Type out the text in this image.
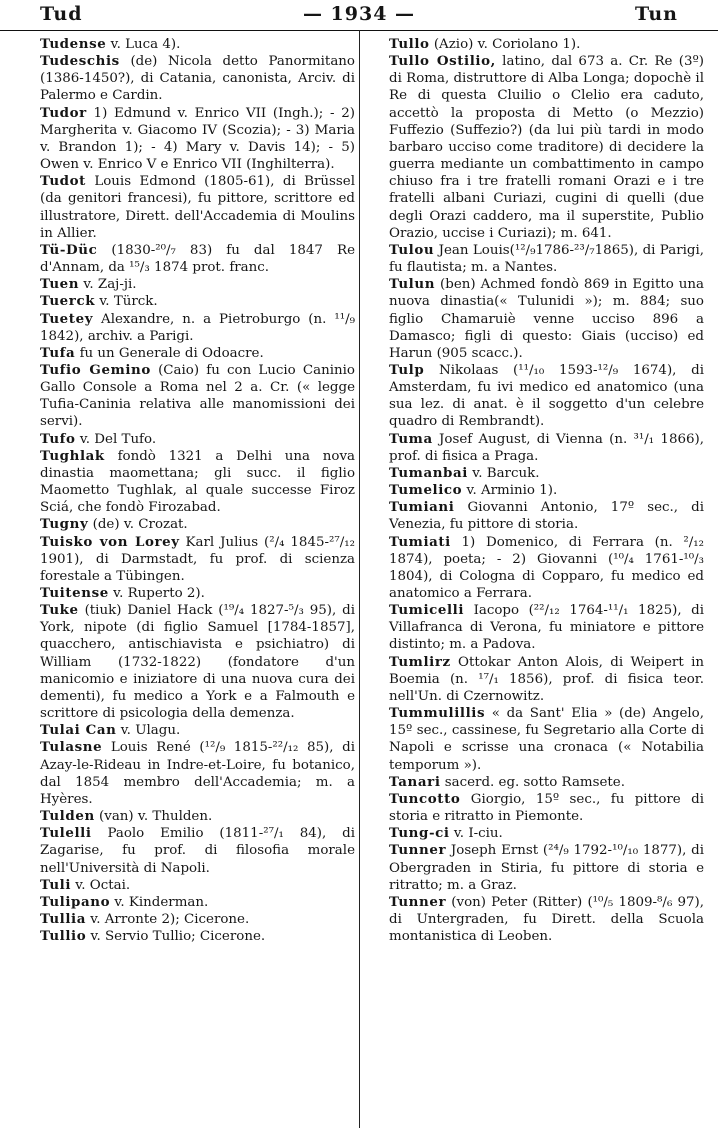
Tud	— 1934 —	Tun
Tudense v. Luca 4).
Tudeschis (de) Nicola detto Panormitano (1386-1450?), di Catania, canonista, Arciv. di Palermo e Cardin.
Tudor 1) Edmund v. Enrico VII (Ingh.); - 2) Margherita v. Giacomo IV (Scozia); - 3) Maria v. Brandon 1); - 4) Mary v. Davis 14); - 5) Owen v. Enrico V e Enrico VII (Inghilterra).
Tudot Louis Edmond (1805-61), di Brüssel (da genitori francesi), fu pittore, scrittore ed illustratore, Dirett. dell'Accademia di Moulins in Allier.
Tü-Düc (1830-²⁰/₇ 83) fu dal 1847 Re d'Annam, da ¹⁵/₃ 1874 prot. franc.
Tuen v. Zaj-ji.
Tuerck v. Türck.
Tuetey Alexandre, n. a Pietroburgo (n. ¹¹/₉ 1842), archiv. a Parigi.
Tufa fu un Generale di Odoacre.
Tufio Gemino (Caio) fu con Lucio Caninio Gallo Console a Roma nel 2 a. Cr. (« legge Tufia-Caninia relativa alle manomissioni dei servi).
Tufo v. Del Tufo.
Tughlak fondò 1321 a Delhi una nova dinastia maomettana; gli succ. il figlio Maometto Tughlak, al quale successe Firoz Sciá, che fondò Firozabad.
Tugny (de) v. Crozat.
Tuisko von Lorey Karl Julius (²/₄ 1845-²⁷/₁₂ 1901), di Darmstadt, fu prof. di scienza forestale a Tübingen.
Tuitense v. Ruperto 2).
Tuke (tiuk) Daniel Hack (¹⁹/₄ 1827-⁵/₃ 95), di York, nipote (di figlio Samuel [1784-1857], quacchero, antischiavista e psichiatro) di William (1732-1822) (fondatore d'un manicomio e iniziatore di una nuova cura dei dementi), fu medico a York e a Falmouth e scrittore di psicologia della demenza.
Tulai Can v. Ulagu.
Tulasne Louis René (¹²/₉ 1815-²²/₁₂ 85), di Azay-le-Rideau in Indre-et-Loire, fu botanico, dal 1854 membro dell'Accademia; m. a Hyères.
Tulden (van) v. Thulden.
Tulelli Paolo Emilio (1811-²⁷/₁ 84), di Zagarise, fu prof. di filosofia morale nell'Università di Napoli.
Tuli v. Octai.
Tulipano v. Kinderman.
Tullia v. Arronte 2); Cicerone.
Tullio v. Servio Tullio; Cicerone.
Tullo (Azio) v. Coriolano 1).
Tullo Ostilio, latino, dal 673 a. Cr. Re (3º) di Roma, distruttore di Alba Longa; dopochè il Re di questa Cluilio o Clelio era caduto, accettò la proposta di Metto (o Mezzio) Fuffezio (Suffezio?) (da lui più tardi in modo barbaro ucciso come traditore) di decidere la guerra mediante un combattimento in campo chiuso fra i tre fratelli romani Orazi e i tre fratelli albani Curiazi, cugini di quelli (due degli Orazi caddero, ma il superstite, Publio Orazio, uccise i Curiazi); m. 641.
Tulou Jean Louis(¹²/₉1786-²³/₇1865), di Parigi, fu flautista; m. a Nantes.
Tulun (ben) Achmed fondò 869 in Egitto una nuova dinastia(« Tulunidi »); m. 884; suo figlio Chamaruiè venne ucciso 896 a Damasco; figli di questo: Giais (ucciso) ed Harun (905 scacc.).
Tulp Nikolaas (¹¹/₁₀ 1593-¹²/₉ 1674), di Amsterdam, fu ivi medico ed anatomico (una sua lez. di anat. è il soggetto d'un celebre quadro di Rembrandt).
Tuma Josef August, di Vienna (n. ³¹/₁ 1866), prof. di fisica a Praga.
Tumanbai v. Barcuk.
Tumelico v. Arminio 1).
Tumiani Giovanni Antonio, 17º sec., di Venezia, fu pittore di storia.
Tumiati 1) Domenico, di Ferrara (n. ²/₁₂ 1874), poeta; - 2) Giovanni (¹⁰/₄ 1761-¹⁰/₃ 1804), di Cologna di Copparo, fu medico ed anatomico a Ferrara.
Tumicelli Iacopo (²²/₁₂ 1764-¹¹/₁ 1825), di Villafranca di Verona, fu miniatore e pittore distinto; m. a Padova.
Tumlirz Ottokar Anton Alois, di Weipert in Boemia (n. ¹⁷/₁ 1856), prof. di fisica teor. nell'Un. di Czernowitz.
Tummulillis « da Sant' Elia » (de) Angelo, 15º sec., cassinese, fu Segretario alla Corte di Napoli e scrisse una cronaca (« Notabilia temporum »).
Tanari sacerd. eg. sotto Ramsete.
Tuncotto Giorgio, 15º sec., fu pittore di storia e ritratto in Piemonte.
Tung-ci v. I-ciu.
Tunner Joseph Ernst (²⁴/₉ 1792-¹⁰/₁₀ 1877), di Obergraden in Stiria, fu pittore di storia e ritratto; m. a Graz.
Tunner (von) Peter (Ritter) (¹⁰/₅ 1809-⁸/₆ 97), di Untergraden, fu Dirett. della Scuola montanistica di Leoben.
